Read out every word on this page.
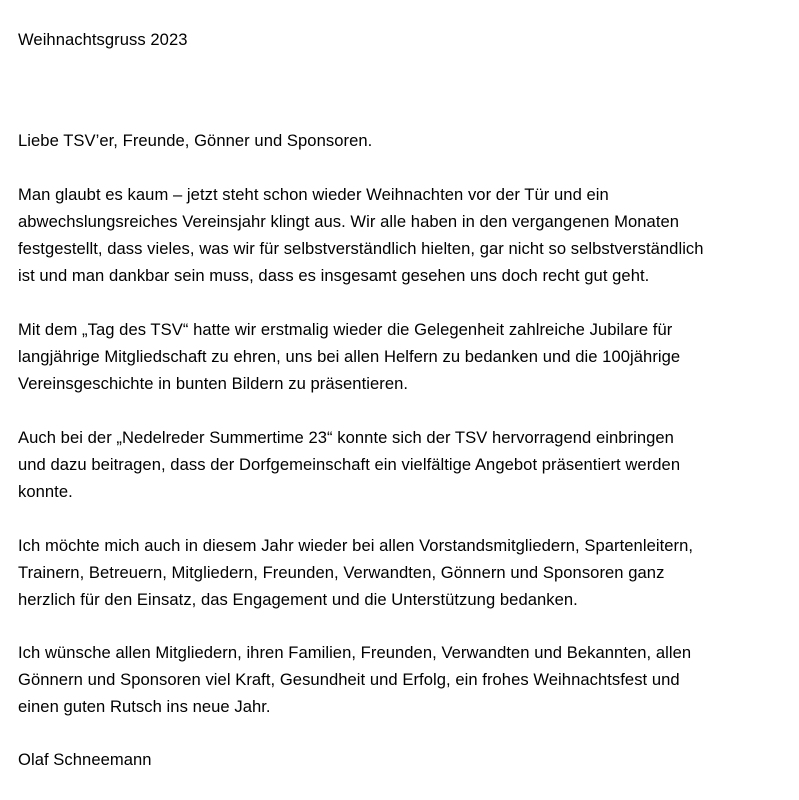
Weihnachtsgruss 2023
Liebe TSV’er, Freunde, Gönner und Sponsoren.
Man glaubt es kaum – jetzt steht schon wieder Weihnachten vor der Tür und ein
abwechslungsreiches Vereinsjahr klingt aus. Wir alle haben in den vergangenen Monaten
festgestellt, dass vieles, was wir für selbstverständlich hielten, gar nicht so selbstverständlich
ist und man dankbar sein muss, dass es insgesamt gesehen uns doch recht gut geht.
Mit dem „Tag des TSV“ hatte wir erstmalig wieder die Gelegenheit zahlreiche Jubilare für
langjährige Mitgliedschaft zu ehren, uns bei allen Helfern zu bedanken und die 100jährige
Vereinsgeschichte in bunten Bildern zu präsentieren.
Auch bei der „Nedelreder Summertime 23“ konnte sich der TSV hervorragend einbringen
und dazu beitragen, dass der Dorfgemeinschaft ein vielfältige Angebot präsentiert werden
konnte.
Ich möchte mich auch in diesem Jahr wieder bei allen Vorstandsmitgliedern, Spartenleitern,
Trainern, Betreuern, Mitgliedern, Freunden, Verwandten, Gönnern und Sponsoren ganz
herzlich für den Einsatz, das Engagement und die Unterstützung bedanken.
Ich wünsche allen Mitgliedern, ihren Familien, Freunden, Verwandten und Bekannten, allen
Gönnern und Sponsoren viel Kraft, Gesundheit und Erfolg, ein frohes Weihnachtsfest und
einen guten Rutsch ins neue Jahr.
Olaf Schneemann
